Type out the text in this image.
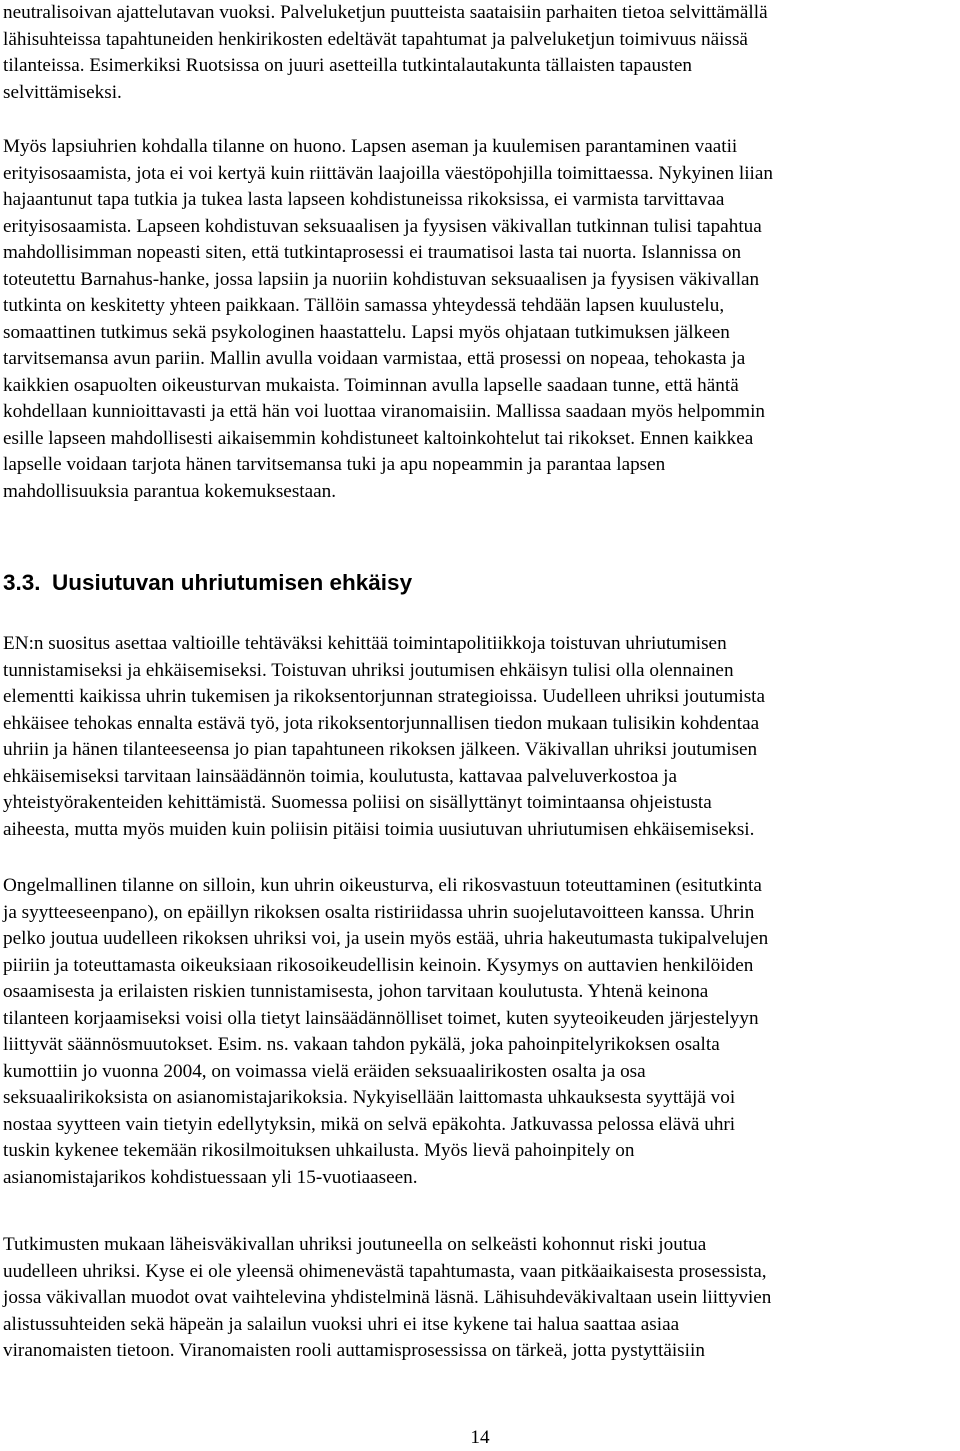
neutralisoivan ajattelutavan vuoksi. Palveluketjun puutteista saataisiin parhaiten tietoa selvittämällä
lähisuhteissa tapahtuneiden henkirikosten edeltävät tapahtumat ja palveluketjun toimivuus näissä
tilanteissa. Esimerkiksi Ruotsissa on juuri asetteilla tutkintalautakunta tällaisten tapausten
selvittämiseksi.

Myös lapsiuhrien kohdalla tilanne on huono. Lapsen aseman ja kuulemisen parantaminen vaatii
erityisosaamista, jota ei voi kertyä kuin riittävän laajoilla väestöpohjilla toimittaessa. Nykyinen liian
hajaantunut tapa tutkia ja tukea lasta lapseen kohdistuneissa rikoksissa, ei varmista tarvittavaa
erityisosaamista. Lapseen kohdistuvan seksuaalisen ja fyysisen väkivallan tutkinnan tulisi tapahtua
mahdollisimman nopeasti siten, että tutkintaprosessi ei traumatisoi lasta tai nuorta. Islannissa on
toteutettu Barnahus-hanke, jossa lapsiin ja nuoriin kohdistuvan seksuaalisen ja fyysisen väkivallan
tutkinta on keskitetty yhteen paikkaan. Tällöin samassa yhteydessä tehdään lapsen kuulustelu,
somaattinen tutkimus sekä psykologinen haastattelu. Lapsi myös ohjataan tutkimuksen jälkeen
tarvitsemansa avun pariin. Mallin avulla voidaan varmistaa, että prosessi on nopeaa, tehokasta ja
kaikkien osapuolten oikeusturvan mukaista. Toiminnan avulla lapselle saadaan tunne, että häntä
kohdellaan kunnioittavasti ja että hän voi luottaa viranomaisiin. Mallissa saadaan myös helpommin
esille lapseen mahdollisesti aikaisemmin kohdistuneet kaltoinkohtelut tai rikokset. Ennen kaikkea
lapselle voidaan tarjota hänen tarvitsemansa tuki ja apu nopeammin ja parantaa lapsen
mahdollisuuksia parantua kokemuksestaan.

3.3. Uusiutuvan uhriutumisen ehkäisy

EN:n suositus asettaa valtioille tehtäväksi kehittää toimintapolitiikkoja toistuvan uhriutumisen
tunnistamiseksi ja ehkäisemiseksi. Toistuvan uhriksi joutumisen ehkäisyn tulisi olla olennainen
elementti kaikissa uhrin tukemisen ja rikoksentorjunnan strategioissa. Uudelleen uhriksi joutumista
ehkäisee tehokas ennalta estävä työ, jota rikoksentorjunnallisen tiedon mukaan tulisikin kohdentaa
uhriin ja hänen tilanteeseensa jo pian tapahtuneen rikoksen jälkeen. Väkivallan uhriksi joutumisen
ehkäisemiseksi tarvitaan lainsäädännön toimia, koulutusta, kattavaa palveluverkostoa ja
yhteistyörakenteiden kehittämistä. Suomessa poliisi on sisällyttänyt toimintaansa ohjeistusta
aiheesta, mutta myös muiden kuin poliisin pitäisi toimia uusiutuvan uhriutumisen ehkäisemiseksi.

Ongelmallinen tilanne on silloin, kun uhrin oikeusturva, eli rikosvastuun toteuttaminen (esitutkinta
ja syytteeseenpano), on epäillyn rikoksen osalta ristiriidassa uhrin suojelutavoitteen kanssa. Uhrin
pelko joutua uudelleen rikoksen uhriksi voi, ja usein myös estää, uhria hakeutumasta tukipalvelujen
piiriin ja toteuttamasta oikeuksiaan rikosoikeudellisin keinoin. Kysymys on auttavien henkilöiden
osaamisesta ja erilaisten riskien tunnistamisesta, johon tarvitaan koulutusta. Yhtenä keinona
tilanteen korjaamiseksi voisi olla tietyt lainsäädännölliset toimet, kuten syyteoikeuden järjestelyyn
liittyvät säännösmuutokset. Esim. ns. vakaan tahdon pykälä, joka pahoinpitelyrikoksen osalta
kumottiin jo vuonna 2004, on voimassa vielä eräiden seksuaalirikosten osalta ja osa
seksuaalirikoksista on asianomistajarikoksia. Nykyisellään laittomasta uhkauksesta syyttäjä voi
nostaa syytteen vain tietyin edellytyksin, mikä on selvä epäkohta. Jatkuvassa pelossa elävä uhri
tuskin kykenee tekemään rikosilmoituksen uhkailusta. Myös lievä pahoinpitely on
asianomistajarikos kohdistuessaan yli 15-vuotiaaseen.

Tutkimusten mukaan läheisväkivallan uhriksi joutuneella on selkeästi kohonnut riski joutua
uudelleen uhriksi. Kyse ei ole yleensä ohimenevästä tapahtumasta, vaan pitkäaikaisesta prosessista,
jossa väkivallan muodot ovat vaihtelevina yhdistelminä läsnä. Lähisuhdeväkivaltaan usein liittyvien
alistussuhteiden sekä häpeän ja salailun vuoksi uhri ei itse kykene tai halua saattaa asiaa
viranomaisten tietoon. Viranomaisten rooli auttamisprosessissa on tärkeä, jotta pystyttäisiin

14
